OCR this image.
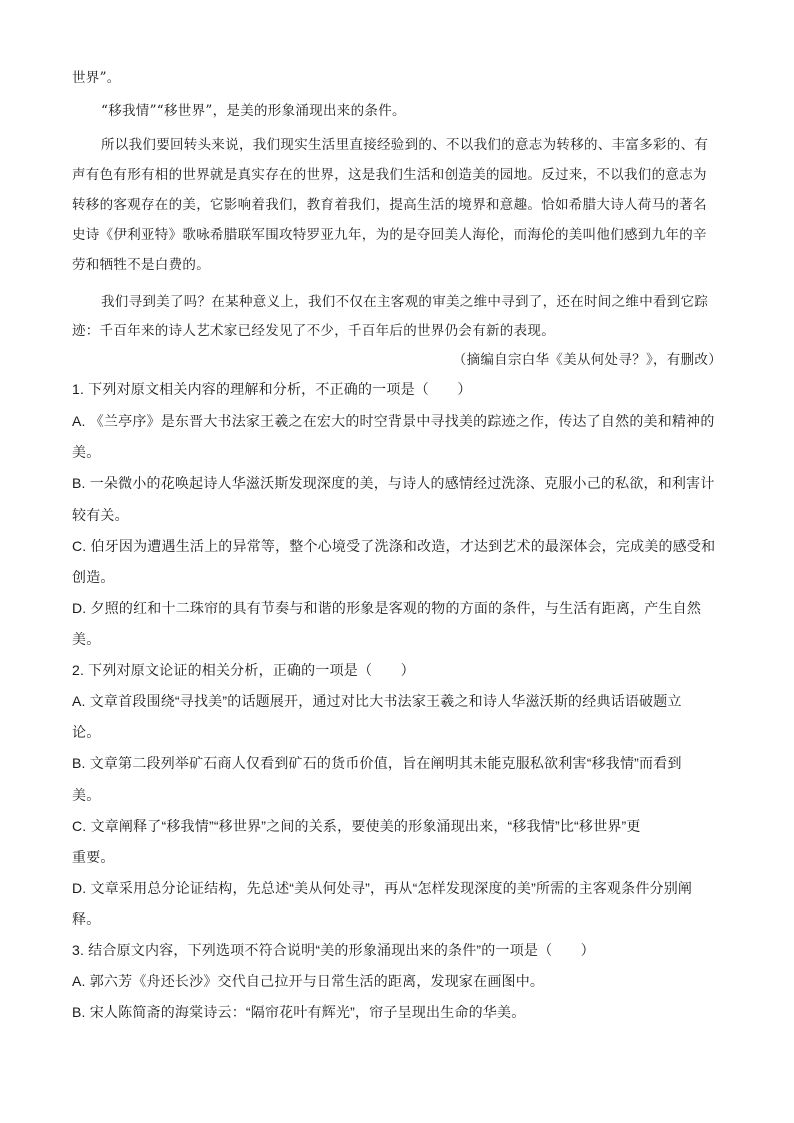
世界”。
“移我情”“移世界”，是美的形象涌现出来的条件。
所以我们要回转头来说，我们现实生活里直接经验到的、不以我们的意志为转移的、丰富多彩的、有
声有色有形有相的世界就是真实存在的世界，这是我们生活和创造美的园地。反过来，不以我们的意志为
转移的客观存在的美，它影响着我们，教育着我们，提高生活的境界和意趣。恰如希腊大诗人荷马的著名
史诗《伊利亚特》歌咏希腊联军围攻特罗亚九年，为的是夺回美人海伦，而海伦的美叫他们感到九年的辛
劳和牺牲不是白费的。
我们寻到美了吗？在某种意义上，我们不仅在主客观的审美之维中寻到了，还在时间之维中看到它踪
迹：千百年来的诗人艺术家已经发见了不少，千百年后的世界仍会有新的表现。
（摘编自宗白华《美从何处寻？》，有删改）
1. 下列对原文相关内容的理解和分析，不正确的一项是（　　）
A. 《兰亭序》是东晋大书法家王羲之在宏大的时空背景中寻找美的踪迹之作，传达了自然的美和精神的
美。
B. 一朵微小的花唤起诗人华滋沃斯发现深度的美，与诗人的感情经过洗涤、克服小己的私欲，和利害计
较有关。
C. 伯牙因为遭遇生活上的异常等，整个心境受了洗涤和改造，才达到艺术的最深体会，完成美的感受和
创造。
D. 夕照的红和十二珠帘的具有节奏与和谐的形象是客观的物的方面的条件，与生活有距离，产生自然
美。
2. 下列对原文论证的相关分析，正确的一项是（　　）
A. 文章首段围绕“寻找美”的话题展开，通过对比大书法家王羲之和诗人华滋沃斯的经典话语破题立
论。
B. 文章第二段列举矿石商人仅看到矿石的货币价值，旨在阐明其未能克服私欲利害“移我情”而看到
美。
C. 文章阐释了“移我情”“移世界”之间的关系，要使美的形象涌现出来，“移我情”比“移世界”更
重要。
D. 文章采用总分论证结构，先总述“美从何处寻”，再从“怎样发现深度的美”所需的主客观条件分别阐
释。
3. 结合原文内容，下列选项不符合说明“美的形象涌现出来的条件”的一项是（　　）
A. 郭六芳《舟还长沙》交代自己拉开与日常生活的距离，发现家在画图中。
B. 宋人陈简斋的海棠诗云：“隔帘花叶有辉光”，帘子呈现出生命的华美。
